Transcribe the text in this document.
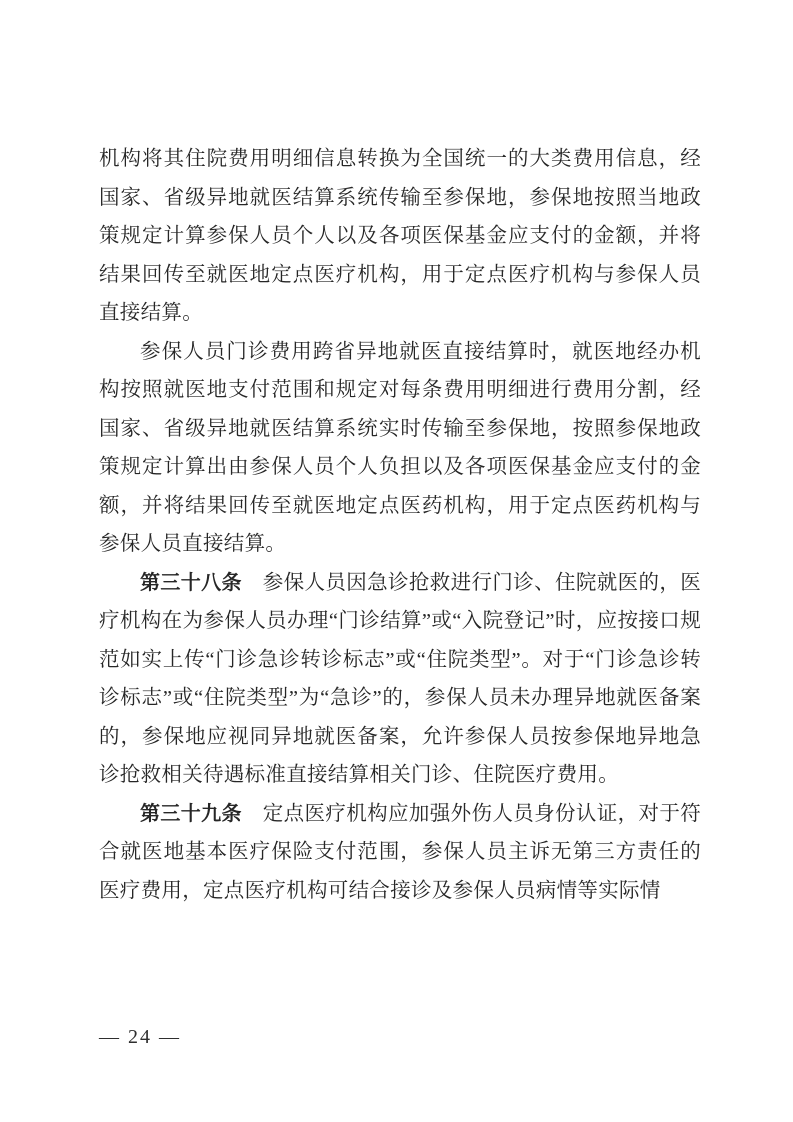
机构将其住院费用明细信息转换为全国统一的大类费用信息，经国家、省级异地就医结算系统传输至参保地，参保地按照当地政策规定计算参保人员个人以及各项医保基金应支付的金额，并将结果回传至就医地定点医疗机构，用于定点医疗机构与参保人员直接结算。

参保人员门诊费用跨省异地就医直接结算时，就医地经办机构按照就医地支付范围和规定对每条费用明细进行费用分割，经国家、省级异地就医结算系统实时传输至参保地，按照参保地政策规定计算出由参保人员个人负担以及各项医保基金应支付的金额，并将结果回传至就医地定点医药机构，用于定点医药机构与参保人员直接结算。

第三十八条　参保人员因急诊抢救进行门诊、住院就医的，医疗机构在为参保人员办理“门诊结算”或“入院登记”时，应按接口规范如实上传“门诊急诊转诊标志”或“住院类型”。对于“门诊急诊转诊标志”或“住院类型”为“急诊”的，参保人员未办理异地就医备案的，参保地应视同异地就医备案，允许参保人员按参保地异地急诊抢救相关待遇标准直接结算相关门诊、住院医疗费用。

第三十九条　定点医疗机构应加强外伤人员身份认证，对于符合就医地基本医疗保险支付范围，参保人员主诉无第三方责任的医疗费用，定点医疗机构可结合接诊及参保人员病情等实际情

— 24 —
